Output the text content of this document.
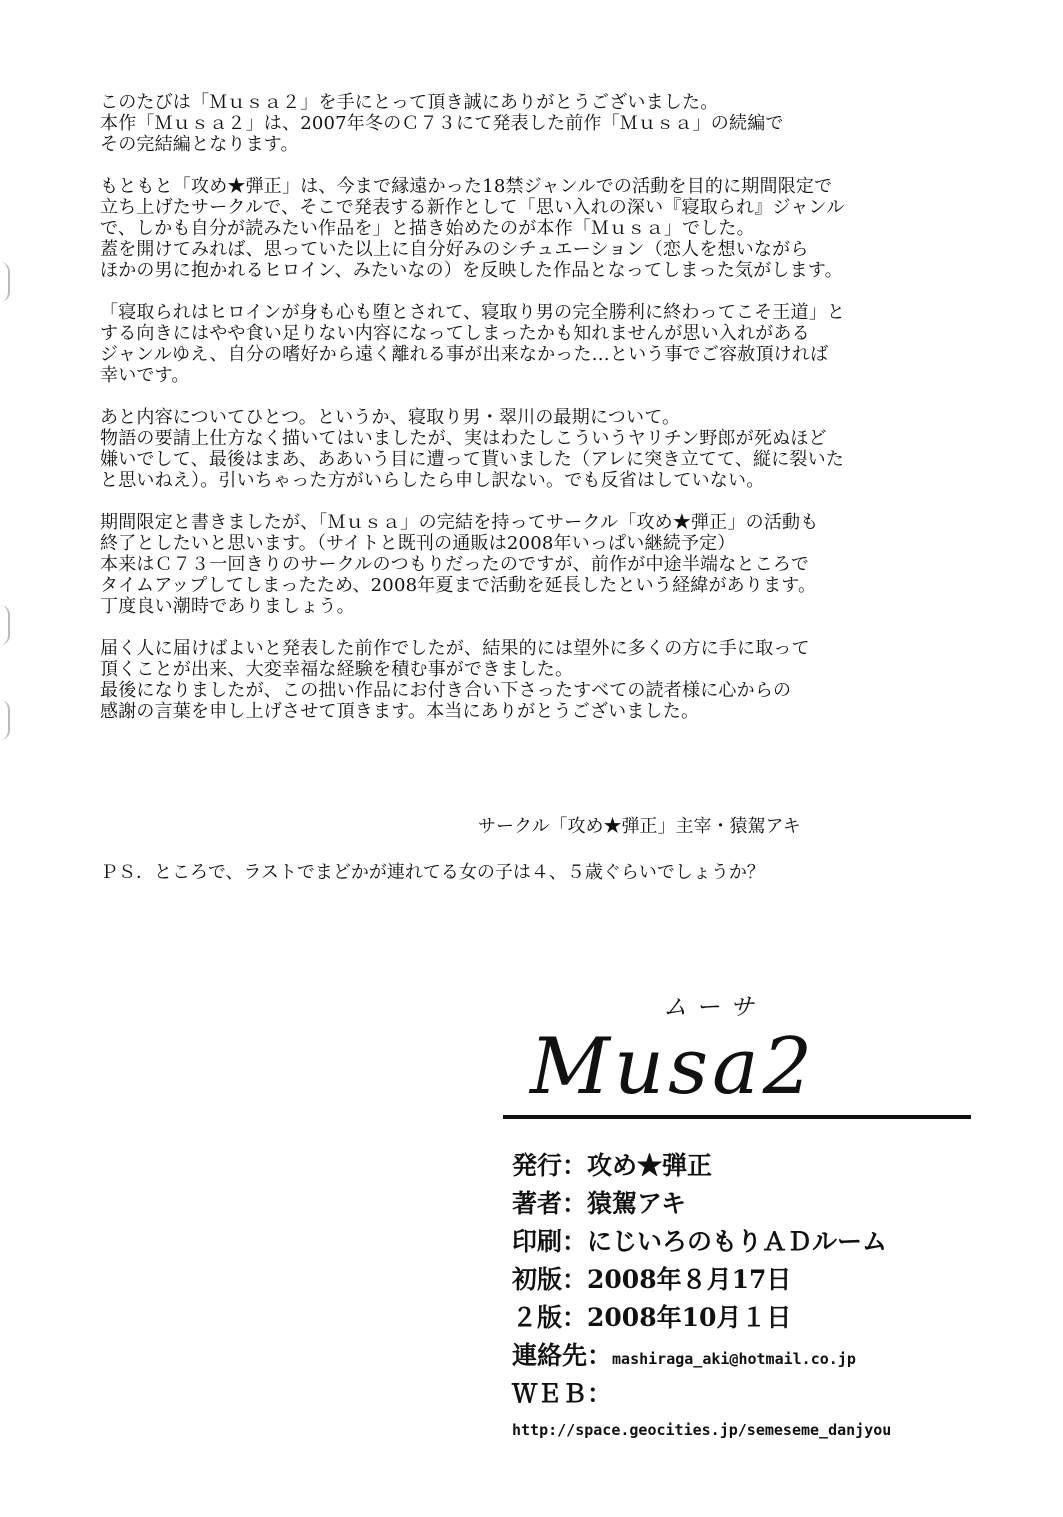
このたびは「Ｍｕｓａ２」を手にとって頂き誠にありがとうございました。
本作「Ｍｕｓａ２」は、2007年冬のＣ７３にて発表した前作「Ｍｕｓａ」の続編で
その完結編となります。
もともと「攻め★弾正」は、今まで縁遠かった18禁ジャンルでの活動を目的に期間限定で
立ち上げたサークルで、そこで発表する新作として「思い入れの深い『寝取られ』ジャンル
で、しかも自分が読みたい作品を」と描き始めたのが本作「Ｍｕｓａ」でした。
蓋を開けてみれば、思っていた以上に自分好みのシチュエーション（恋人を想いながら
ほかの男に抱かれるヒロイン、みたいなの）を反映した作品となってしまった気がします。
「寝取られはヒロインが身も心も堕とされて、寝取り男の完全勝利に終わってこそ王道」と
する向きにはやや食い足りない内容になってしまったかも知れませんが思い入れがある
ジャンルゆえ、自分の嗜好から遠く離れる事が出来なかった…という事でご容赦頂ければ
幸いです。
あと内容についてひとつ。というか、寝取り男・翠川の最期について。
物語の要請上仕方なく描いてはいましたが、実はわたしこういうヤリチン野郎が死ぬほど
嫌いでして、最後はまあ、ああいう目に遭って貰いました（アレに突き立てて、縦に裂いた
と思いねえ）。引いちゃった方がいらしたら申し訳ない。でも反省はしていない。
期間限定と書きましたが、「Ｍｕｓａ」の完結を持ってサークル「攻め★弾正」の活動も
終了としたいと思います。（サイトと既刊の通販は2008年いっぱい継続予定）
本来はＣ７３一回きりのサークルのつもりだったのですが、前作が中途半端なところで
タイムアップしてしまったため、2008年夏まで活動を延長したという経緯があります。
丁度良い潮時でありましょう。
届く人に届けばよいと発表した前作でしたが、結果的には望外に多くの方に手に取って
頂くことが出来、大変幸福な経験を積む事ができました。
最後になりましたが、この拙い作品にお付き合い下さったすべての読者様に心からの
感謝の言葉を申し上げさせて頂きます。本当にありがとうございました。
サークル「攻め★弾正」主宰・猿駕アキ
ＰＳ．ところで、ラストでまどかが連れてる女の子は４、５歳ぐらいでしょうか？
ムーサ
Musa2
発行：攻め★弾正
著者：猿駕アキ
印刷：にじいろのもりＡＤルーム
初版：2008年８月17日
２版：2008年10月１日
連絡先：mashiraga_aki@hotmail.co.jp
ＷＥＢ：
http://space.geocities.jp/semeseme_danjyou
